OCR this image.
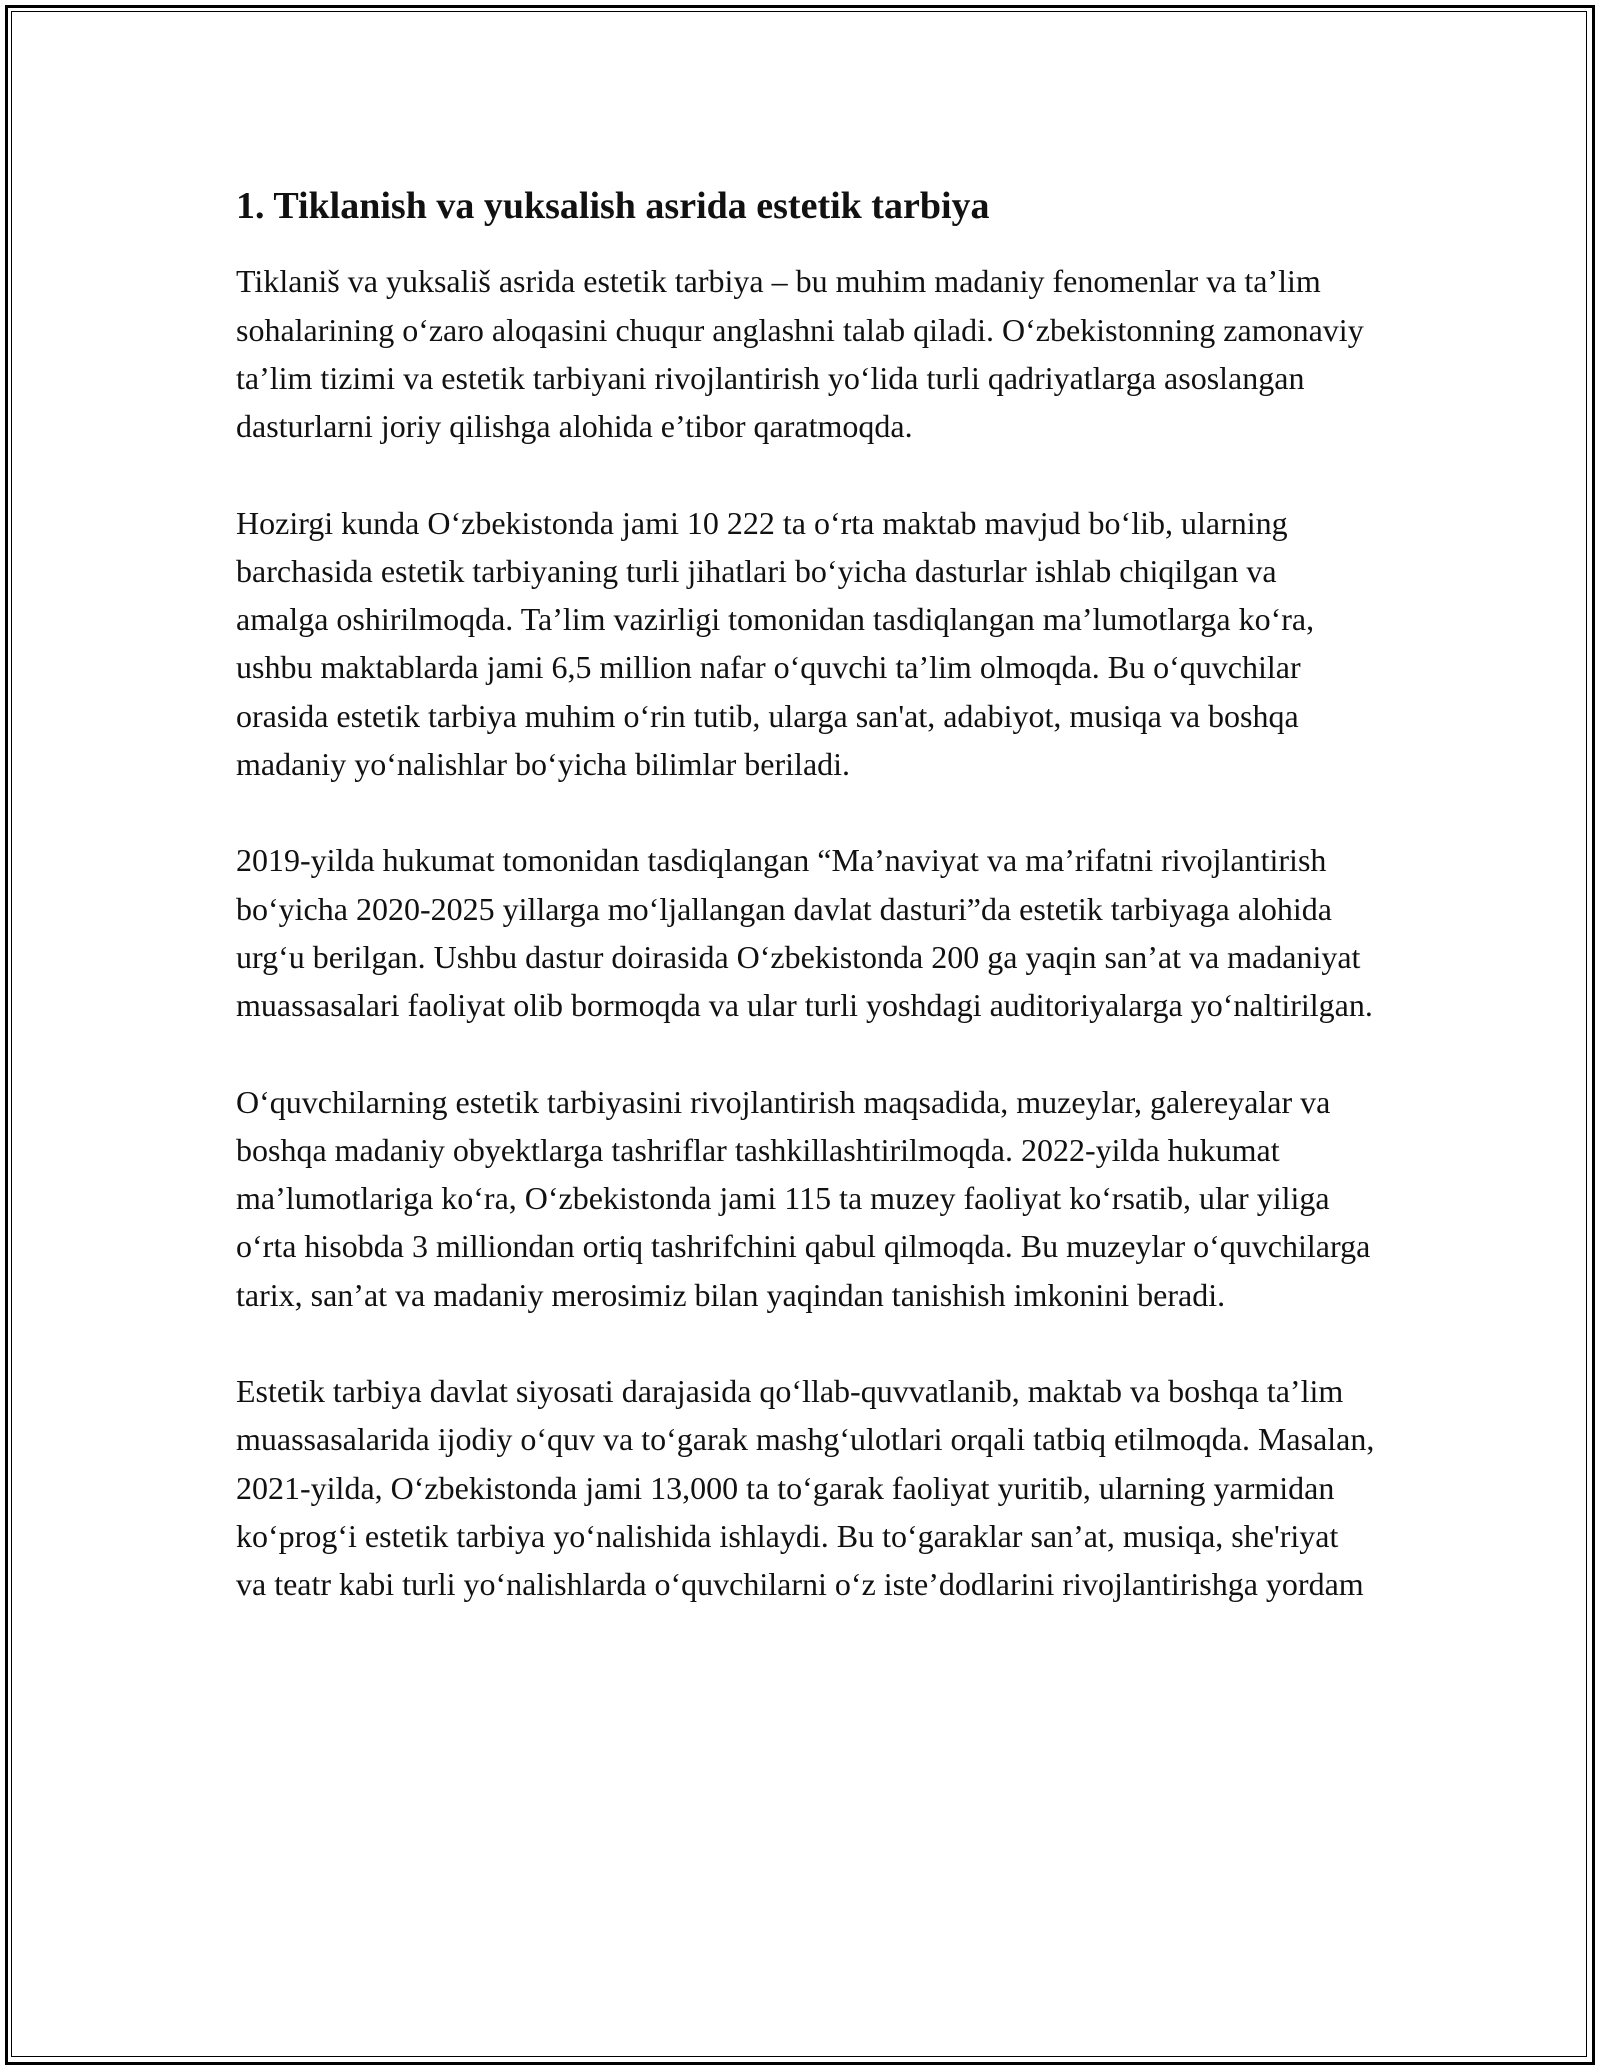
1. Tiklanish va yuksalish asrida estetik tarbiya

Tiklaniš va yuksališ asrida estetik tarbiya – bu muhim madaniy fenomenlar va ta’lim sohalarining o‘zaro aloqasini chuqur anglashni talab qiladi. O‘zbekistonning zamonaviy ta’lim tizimi va estetik tarbiyani rivojlantirish yo‘lida turli qadriyatlarga asoslangan dasturlarni joriy qilishga alohida e’tibor qaratmoqda.

Hozirgi kunda O‘zbekistonda jami 10 222 ta o‘rta maktab mavjud bo‘lib, ularning barchasida estetik tarbiyaning turli jihatlari bo‘yicha dasturlar ishlab chiqilgan va amalga oshirilmoqda. Ta’lim vazirligi tomonidan tasdiqlangan ma’lumotlarga ko‘ra, ushbu maktablarda jami 6,5 million nafar o‘quvchi ta’lim olmoqda. Bu o‘quvchilar orasida estetik tarbiya muhim o‘rin tutib, ularga san'at, adabiyot, musiqa va boshqa madaniy yo‘nalishlar bo‘yicha bilimlar beriladi.

2019-yilda hukumat tomonidan tasdiqlangan “Ma’naviyat va ma’rifatni rivojlantirish bo‘yicha 2020-2025 yillarga mo‘ljallangan davlat dasturi”da estetik tarbiyaga alohida urg‘u berilgan. Ushbu dastur doirasida O‘zbekistonda 200 ga yaqin san’at va madaniyat muassasalari faoliyat olib bormoqda va ular turli yoshdagi auditoriyalarga yo‘naltirilgan.

O‘quvchilarning estetik tarbiyasini rivojlantirish maqsadida, muzeylar, galereyalar va boshqa madaniy obyektlarga tashriflar tashkillashtirilmoqda. 2022-yilda hukumat ma’lumotlariga ko‘ra, O‘zbekistonda jami 115 ta muzey faoliyat ko‘rsatib, ular yiliga o‘rta hisobda 3 milliondan ortiq tashrifchini qabul qilmoqda. Bu muzeylar o‘quvchilarga tarix, san’at va madaniy merosimiz bilan yaqindan tanishish imkonini beradi.

Estetik tarbiya davlat siyosati darajasida qo‘llab-quvvatlanib, maktab va boshqa ta’lim muassasalarida ijodiy o‘quv va to‘garak mashg‘ulotlari orqali tatbiq etilmoqda. Masalan, 2021-yilda, O‘zbekistonda jami 13,000 ta to‘garak faoliyat yuritib, ularning yarmidan ko‘prog‘i estetik tarbiya yo‘nalishida ishlaydi. Bu to‘garaklar san’at, musiqa, she'riyat va teatr kabi turli yo‘nalishlarda o‘quvchilarni o‘z iste’dodlarini rivojlantirishga yordam
